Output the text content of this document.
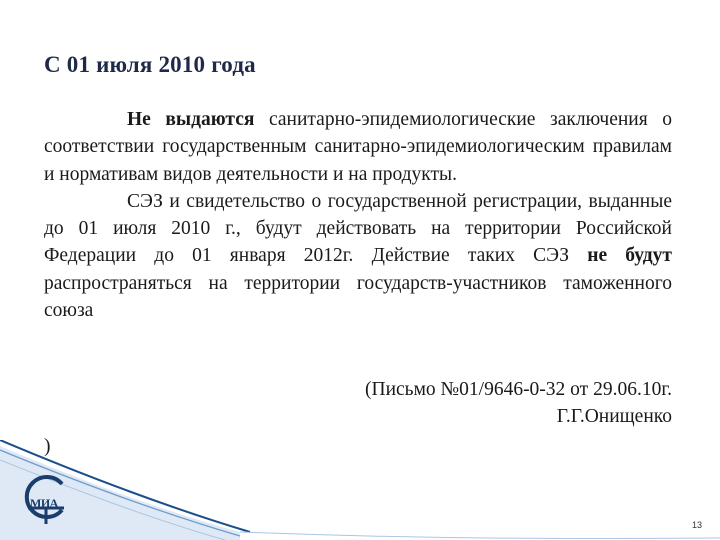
С 01 июля 2010 года

Не выдаются санитарно-эпидемиологические заключения о соответствии государственным санитарно-эпидемиологическим правилам и нормативам видов деятельности и на продукты.

СЭЗ и свидетельство о государственной регистрации, выданные до 01 июля 2010 г., будут действовать на территории Российской Федерации до 01 января 2012г. Действие таких СЭЗ не будут распространяться на территории государств-участников таможенного союза

(Письмо №01/9646-0-32 от 29.06.10г.
Г.Г.Онищенко
)
МИА
13
